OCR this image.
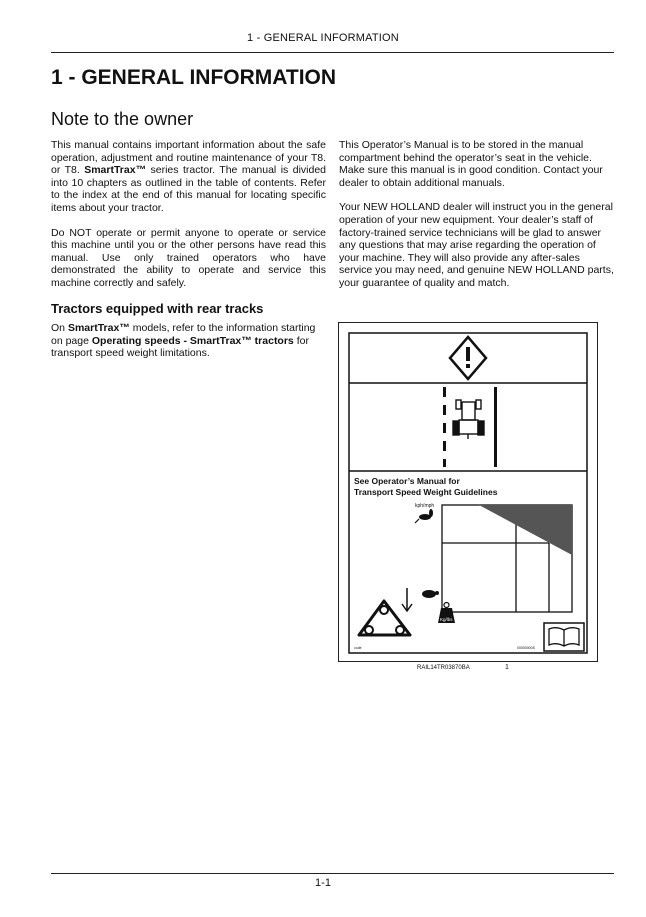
1 - GENERAL INFORMATION
1 - GENERAL INFORMATION
Note to the owner

This manual contains important information about the safe operation, adjustment and routine maintenance of your T8. or T8. SmartTrax™ series tractor. The manual is divided into 10 chapters as outlined in the table of contents. Refer to the index at the end of this manual for locating specific items about your tractor.

Do NOT operate or permit anyone to operate or service this machine until you or the other persons have read this manual. Use only trained operators who have demonstrated the ability to operate and service this machine correctly and safely.

This Operator’s Manual is to be stored in the manual compartment behind the operator’s seat in the vehicle. Make sure this manual is in good condition. Contact your dealer to obtain additional manuals.

Your NEW HOLLAND dealer will instruct you in the general operation of your new equipment. Your dealer’s staff of factory-trained service technicians will be glad to answer any questions that may arise regarding the operation of your machine. They will also provide any after-sales service you may need, and genuine NEW HOLLAND parts, your guarantee of quality and match.

Tractors equipped with rear tracks

On SmartTrax™ models, refer to the information starting on page Operating speeds - SmartTrax™ tractors for transport speed weight limitations.

See Operator’s Manual for
Transport Speed Weight Guidelines
kph/mph
Kg/lbs
code	00000000S
RAIL14TR03870BA	1
1-1
